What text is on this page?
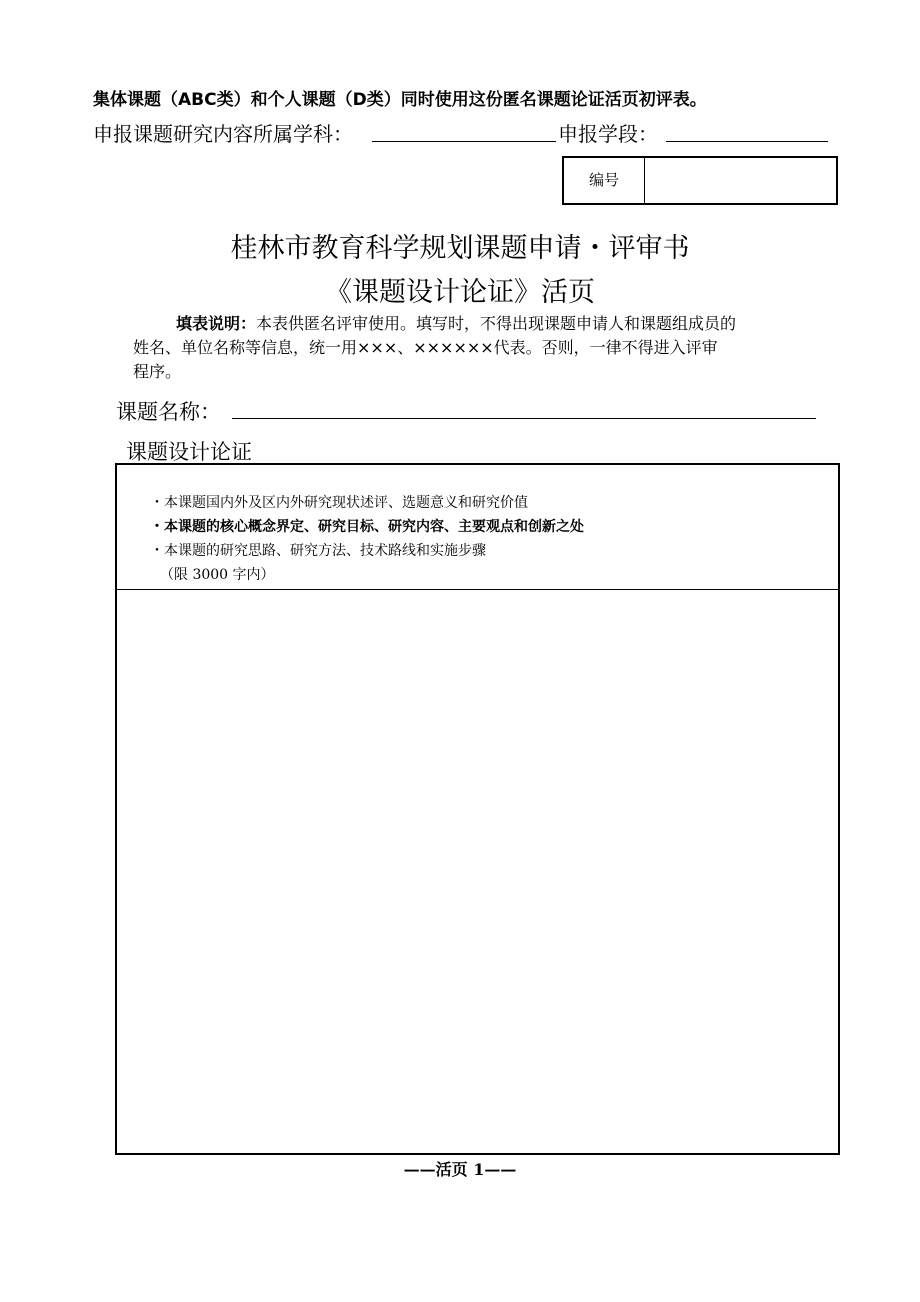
集体课题（ABC类）和个人课题（D类）同时使用这份匿名课题论证活页初评表。
申报课题研究内容所属学科：	申报学段：
编号
桂林市教育科学规划课题申请・评审书
《课题设计论证》活页

填表说明：本表供匿名评审使用。填写时，不得出现课题申请人和课题组成员的

姓名、单位名称等信息，统一用×××、××××××代表。否则，一律不得进入评审

程序。

课题名称：
课题设计论证
・本课题国内外及区内外研究现状述评、选题意义和研究价值
・本课题的核心概念界定、研究目标、研究内容、主要观点和创新之处
・本课题的研究思路、研究方法、技术路线和实施步骤
（限 3000 字内）
——活页 1——
